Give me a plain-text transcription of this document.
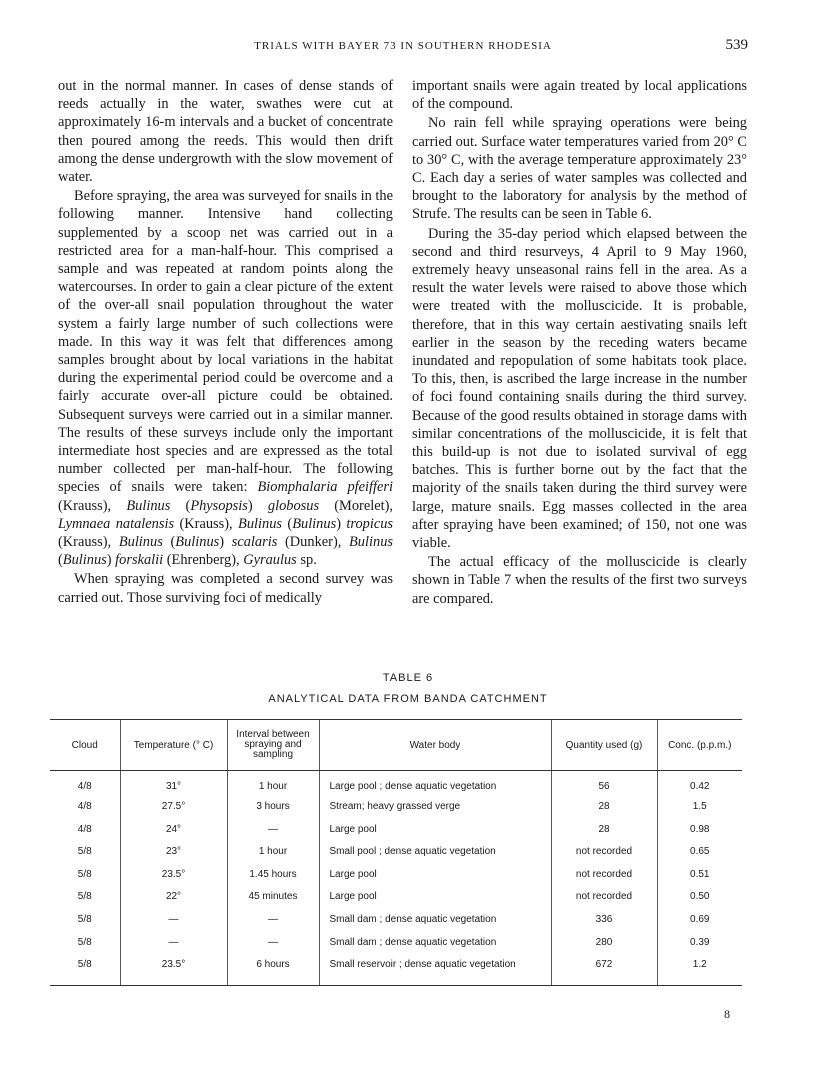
TRIALS WITH BAYER 73 IN SOUTHERN RHODESIA	539

out in the normal manner. In cases of dense stands of reeds actually in the water, swathes were cut at approximately 16-m intervals and a bucket of concentrate then poured among the reeds. This would then drift among the dense undergrowth with the slow movement of water.

Before spraying, the area was surveyed for snails in the following manner. Intensive hand collecting supplemented by a scoop net was carried out in a restricted area for a man-half-hour. This comprised a sample and was repeated at random points along the watercourses. In order to gain a clear picture of the extent of the over-all snail population throughout the water system a fairly large number of such collections were made. In this way it was felt that differences among samples brought about by local variations in the habitat during the experimental period could be overcome and a fairly accurate over-all picture could be obtained. Subsequent surveys were carried out in a similar manner. The results of these surveys include only the important intermediate host species and are expressed as the total number collected per man-half-hour. The following species of snails were taken: Biomphalaria pfeifferi (Krauss), Bulinus (Physopsis) globosus (Morelet), Lymnaea natalensis (Krauss), Bulinus (Bulinus) tropicus (Krauss), Bulinus (Bulinus) scalaris (Dunker), Bulinus (Bulinus) forskalii (Ehrenberg), Gyraulus sp.

When spraying was completed a second survey was carried out. Those surviving foci of medically

important snails were again treated by local applications of the compound.

No rain fell while spraying operations were being carried out. Surface water temperatures varied from 20° C to 30° C, with the average temperature approximately 23° C. Each day a series of water samples was collected and brought to the laboratory for analysis by the method of Strufe. The results can be seen in Table 6.

During the 35-day period which elapsed between the second and third resurveys, 4 April to 9 May 1960, extremely heavy unseasonal rains fell in the area. As a result the water levels were raised to above those which were treated with the molluscicide. It is probable, therefore, that in this way certain aestivating snails left earlier in the season by the receding waters became inundated and repopulation of some habitats took place. To this, then, is ascribed the large increase in the number of foci found containing snails during the third survey. Because of the good results obtained in storage dams with similar concentrations of the molluscicide, it is felt that this build-up is not due to isolated survival of egg batches. This is further borne out by the fact that the majority of the snails taken during the third survey were large, mature snails. Egg masses collected in the area after spraying have been examined; of 150, not one was viable.

The actual efficacy of the molluscicide is clearly shown in Table 7 when the results of the first two surveys are compared.

TABLE 6
ANALYTICAL DATA FROM BANDA CATCHMENT
Cloud	Temperature (° C)	Interval between spraying and sampling	Water body	Quantity used (g)	Conc. (p.p.m.)
4/8	31°	1 hour	Large pool ; dense aquatic vegetation	56	0.42
4/8	27.5°	3 hours	Stream; heavy grassed verge	28	1.5
4/8	24°	—	Large pool	28	0.98
5/8	23°	1 hour	Small pool ; dense aquatic vegetation	not recorded	0.65
5/8	23.5°	1.45 hours	Large pool	not recorded	0.51
5/8	22°	45 minutes	Large pool	not recorded	0.50
5/8	—	—	Small dam ; dense aquatic vegetation	336	0.69
5/8	—	—	Small dam ; dense aquatic vegetation	280	0.39
5/8	23.5°	6 hours	Small reservoir ; dense aquatic vegetation	672	1.2
8
